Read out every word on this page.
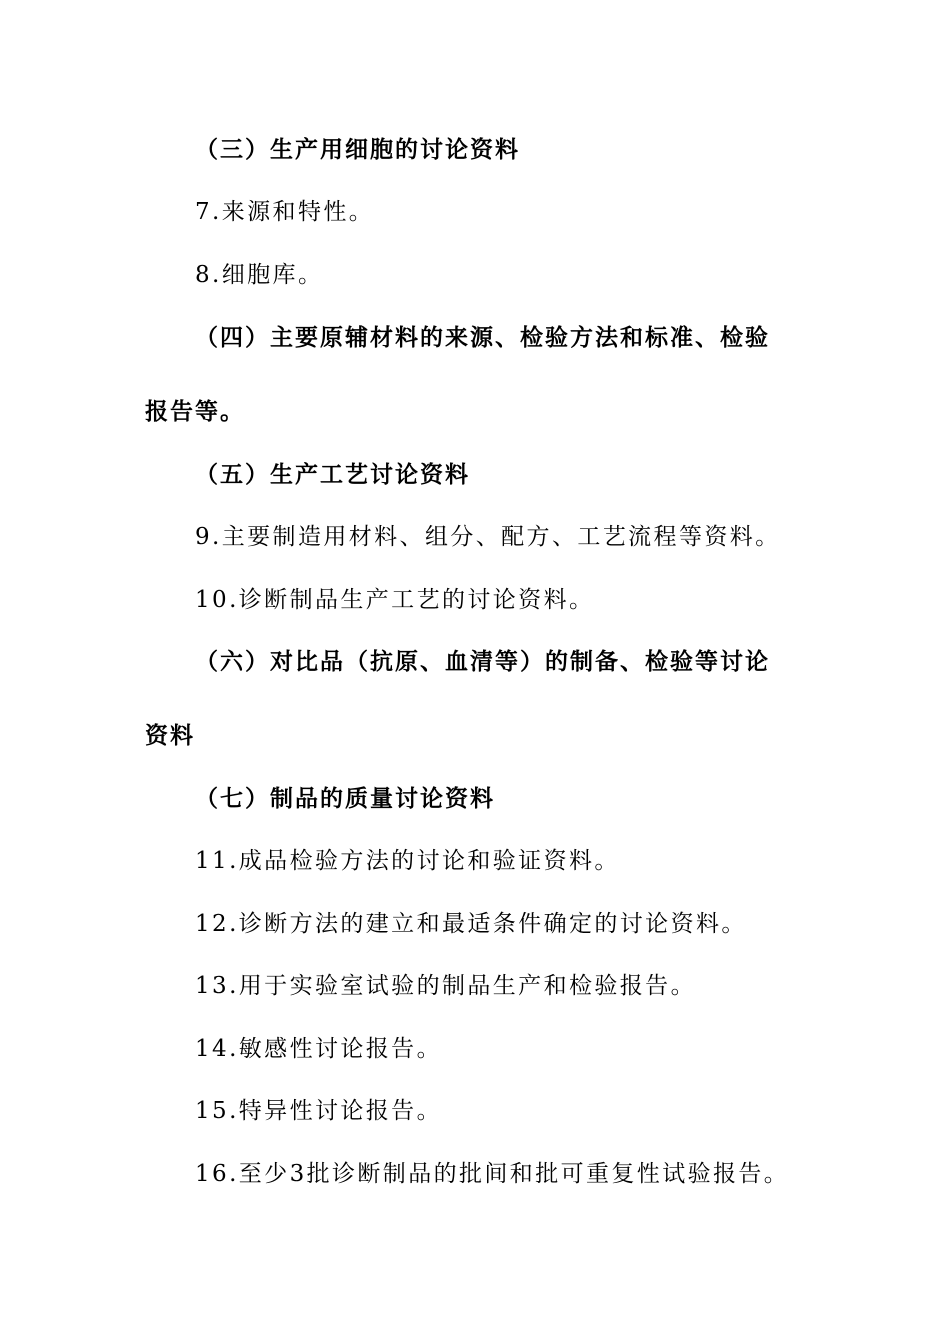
（三）生产用细胞的讨论资料
7.来源和特性。
8.细胞库。
（四）主要原辅材料的来源、检验方法和标准、检验
报告等。
（五）生产工艺讨论资料
9.主要制造用材料、组分、配方、工艺流程等资料。
10.诊断制品生产工艺的讨论资料。
（六）对比品（抗原、血清等）的制备、检验等讨论
资料
（七）制品的质量讨论资料
11.成品检验方法的讨论和验证资料。
12.诊断方法的建立和最适条件确定的讨论资料。
13.用于实验室试验的制品生产和检验报告。
14.敏感性讨论报告。
15.特异性讨论报告。
16.至少3批诊断制品的批间和批可重复性试验报告。
